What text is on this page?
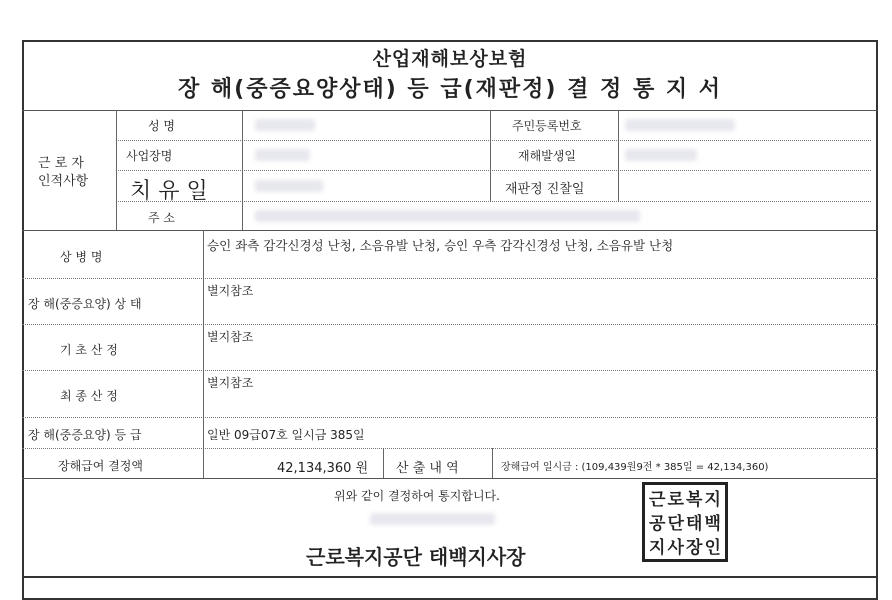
산업재해보상보험
장 해(중증요양상태) 등 급(재판정) 결 정 통 지 서
근 로 자
인적사항
성 명	주민등록번호
사업장명	재해발생일
치 유 일	재판정 진찰일
주 소
상 병 명
승인 좌측 감각신경성 난청, 소음유발 난청, 승인 우측 감각신경성 난청, 소음유발 난청
장 해(중증요양) 상 태
별지참조
기 초 산 정
별지참조
최 종 산 정
별지참조
장 해(중증요양) 등 급	일반 09급07호 일시금 385일
장해급여 결정액	42,134,360 원 산 출 내 역	장해급여 일시금 : (109,439원9전 * 385일 = 42,134,360)
위와 같이 결정하여 통지합니다.
근로복지공단 태백지사장
근 로 복 지
공 단 태 백
지 사 장 인
